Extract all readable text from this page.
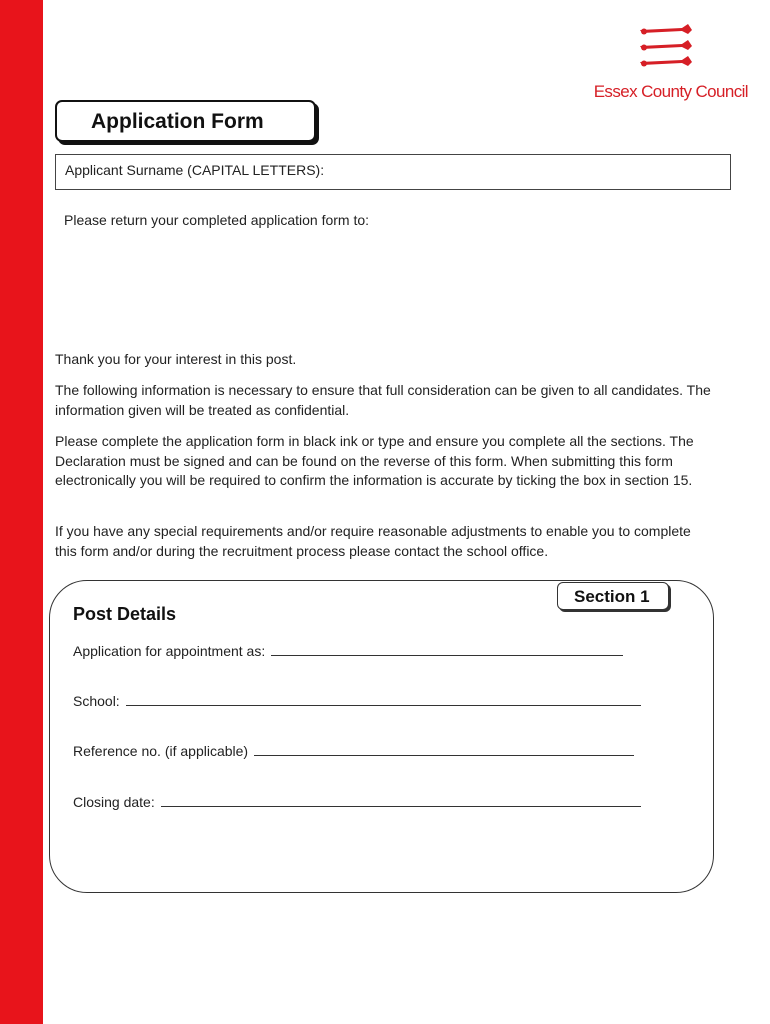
Essex County Council
Application Form
Applicant Surname (CAPITAL LETTERS):
Please return your completed application form to:

Thank you for your interest in this post.

The following information is necessary to ensure that full consideration can be given to all candidates. The information given will be treated as confidential.

Please complete the application form in black ink or type and ensure you complete all the sections. The Declaration must be signed and can be found on the reverse of this form. When submitting this form electronically you will be required to confirm the information is accurate by ticking the box in section 15.

If you have any special requirements and/or require reasonable adjustments to enable you to complete this form and/or during the recruitment process please contact the school office.

Section 1
Post Details
Application for appointment as:
School:
Reference no. (if applicable)
Closing date:
